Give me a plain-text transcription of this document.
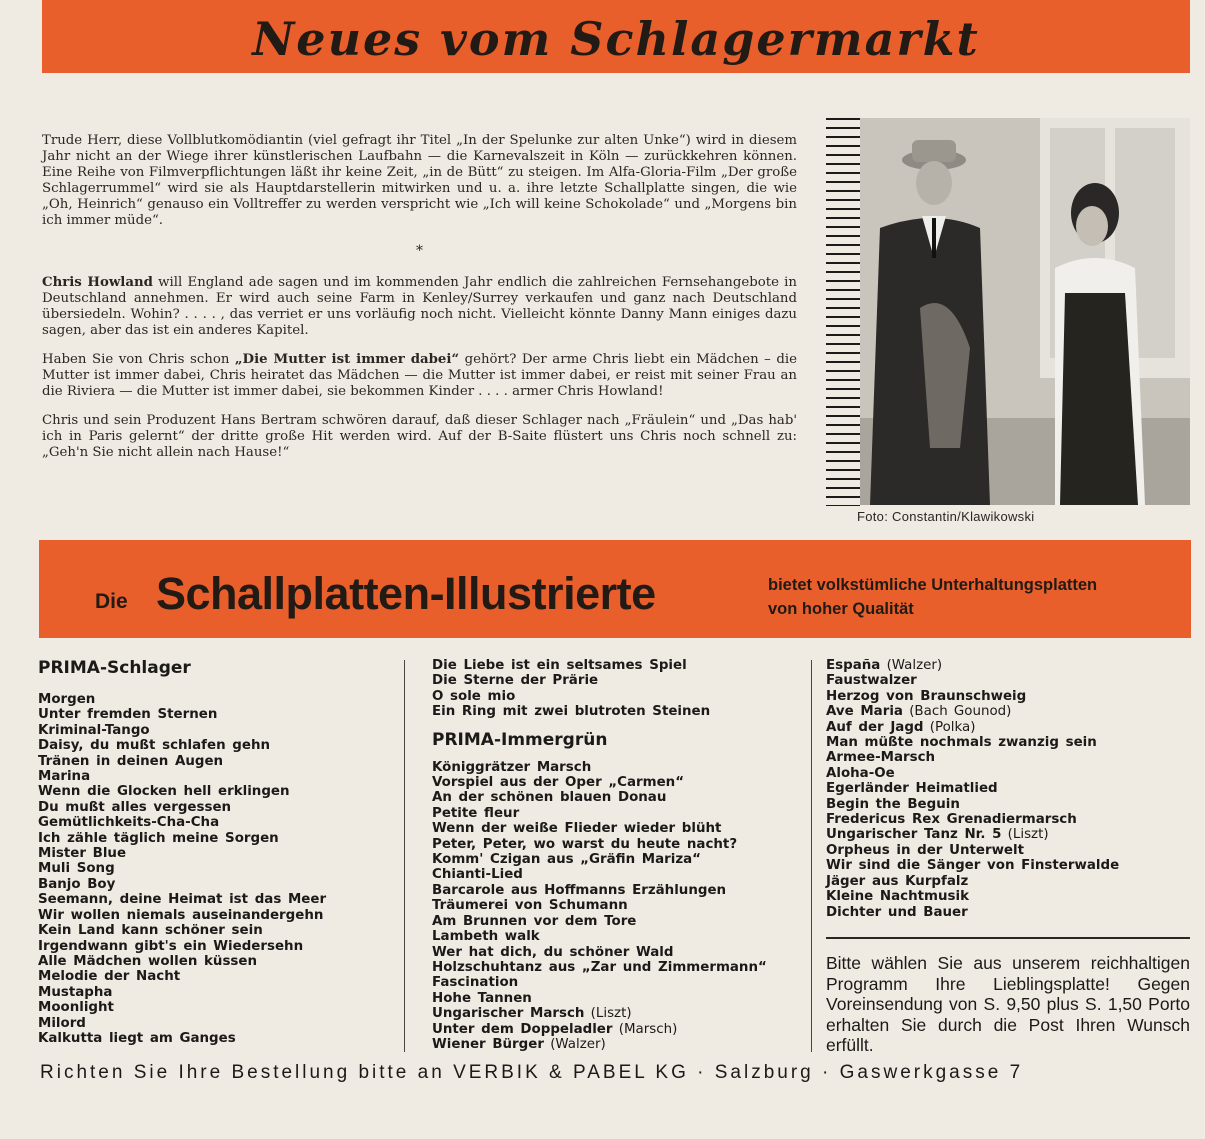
Neues vom Schlagermarkt

Trude Herr, diese Vollblutkomödiantin (viel gefragt ihr Titel „In der Spelunke zur alten Unke“) wird in diesem Jahr nicht an der Wiege ihrer künstlerischen Laufbahn — die Karnevalszeit in Köln — zurückkehren können. Eine Reihe von Filmverpflichtungen läßt ihr keine Zeit, „in de Bütt“ zu steigen. Im Alfa-Gloria-Film „Der große Schlagerrummel“ wird sie als Hauptdarstellerin mitwirken und u. a. ihre letzte Schallplatte singen, die wie „Oh, Heinrich“ genauso ein Volltreffer zu werden verspricht wie „Ich will keine Schokolade“ und „Morgens bin ich immer müde“.

*

Chris Howland will England ade sagen und im kommenden Jahr endlich die zahlreichen Fernsehangebote in Deutschland annehmen. Er wird auch seine Farm in Kenley/Surrey verkaufen und ganz nach Deutschland übersiedeln. Wohin? . . . . , das verriet er uns vorläufig noch nicht. Vielleicht könnte Danny Mann einiges dazu sagen, aber das ist ein anderes Kapitel.

Haben Sie von Chris schon „Die Mutter ist immer dabei“ gehört? Der arme Chris liebt ein Mädchen – die Mutter ist immer dabei, Chris heiratet das Mädchen — die Mutter ist immer dabei, er reist mit seiner Frau an die Riviera — die Mutter ist immer dabei, sie bekommen Kinder . . . . armer Chris Howland!

Chris und sein Produzent Hans Bertram schwören darauf, daß dieser Schlager nach „Fräulein“ und „Das hab' ich in Paris gelernt“ der dritte große Hit werden wird. Auf der B-Saite flüstert uns Chris noch schnell zu: „Geh'n Sie nicht allein nach Hause!“

Foto: Constantin/Klawikowski
Die Schallplatten-Illustrierte	bietet volkstümliche Unterhaltungsplatten von hoher Qualität
PRIMA-Schlager
Morgen
Unter fremden Sternen
Kriminal-Tango
Daisy, du mußt schlafen gehn
Tränen in deinen Augen
Marina
Wenn die Glocken hell erklingen
Du mußt alles vergessen
Gemütlichkeits-Cha-Cha
Ich zähle täglich meine Sorgen
Mister Blue
Muli Song
Banjo Boy
Seemann, deine Heimat ist das Meer
Wir wollen niemals auseinandergehn
Kein Land kann schöner sein
Irgendwann gibt's ein Wiedersehn
Alle Mädchen wollen küssen
Melodie der Nacht
Mustapha
Moonlight
Milord
Kalkutta liegt am Ganges
Die Liebe ist ein seltsames Spiel
Die Sterne der Prärie
O sole mio
Ein Ring mit zwei blutroten Steinen
PRIMA-Immergrün
Königgrätzer Marsch
Vorspiel aus der Oper „Carmen“
An der schönen blauen Donau
Petite fleur
Wenn der weiße Flieder wieder blüht
Peter, Peter, wo warst du heute nacht?
Komm' Czigan aus „Gräfin Mariza“
Chianti-Lied
Barcarole aus Hoffmanns Erzählungen
Träumerei von Schumann
Am Brunnen vor dem Tore
Lambeth walk
Wer hat dich, du schöner Wald
Holzschuhtanz aus „Zar und Zimmermann“
Fascination
Hohe Tannen
Ungarischer Marsch (Liszt)
Unter dem Doppeladler (Marsch)
Wiener Bürger (Walzer)
España (Walzer)
Faustwalzer
Herzog von Braunschweig
Ave Maria (Bach Gounod)
Auf der Jagd (Polka)
Man müßte nochmals zwanzig sein
Armee-Marsch
Aloha-Oe
Egerländer Heimatlied
Begin the Beguin
Fredericus Rex Grenadiermarsch
Ungarischer Tanz Nr. 5 (Liszt)
Orpheus in der Unterwelt
Wir sind die Sänger von Finsterwalde
Jäger aus Kurpfalz
Kleine Nachtmusik
Dichter und Bauer
Bitte wählen Sie aus unserem reichhaltigen Programm Ihre Lieblingsplatte! Gegen Voreinsendung von S. 9,50 plus S. 1,50 Porto erhalten Sie durch die Post Ihren Wunsch erfüllt.
Richten Sie Ihre Bestellung bitte an VERBIK & PABEL KG · Salzburg · Gaswerkgasse 7
